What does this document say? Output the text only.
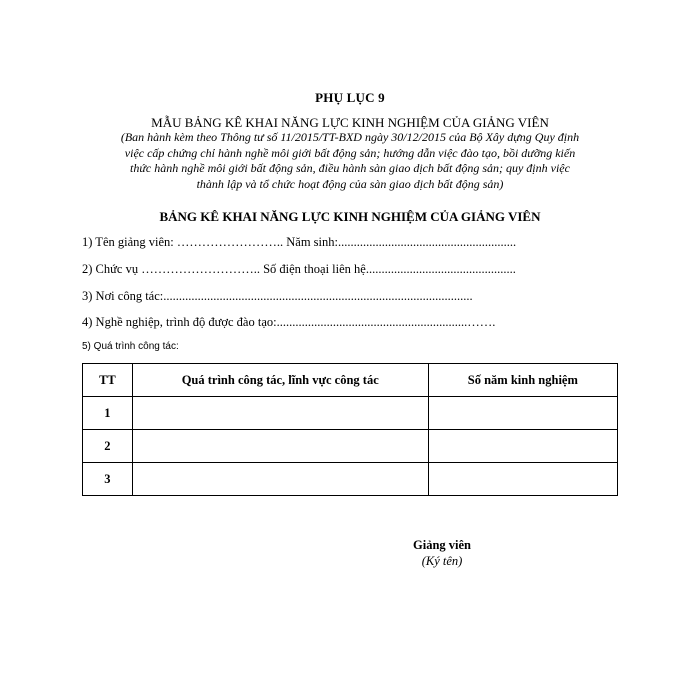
PHỤ LỤC 9
MẪU BẢNG KÊ KHAI NĂNG LỰC KINH NGHIỆM CỦA GIẢNG VIÊN
(Ban hành kèm theo Thông tư số 11/2015/TT-BXD ngày 30/12/2015 của Bộ Xây dựng Quy định
việc cấp chứng chỉ hành nghề môi giới bất động sản; hướng dẫn việc đào tạo, bồi dưỡng kiến
thức hành nghề môi giới bất động sản, điều hành sàn giao dịch bất động sản; quy định việc
thành lập và tổ chức hoạt động của sàn giao dịch bất động sản)
BẢNG KÊ KHAI NĂNG LỰC KINH NGHIỆM CỦA GIẢNG VIÊN
1) Tên giảng viên: …………………….. Năm sinh:.........................................................
2) Chức vụ ……………………….. Số điện thoại liên hệ................................................
3) Nơi công tác:...................................................................................................
4) Nghề nghiệp, trình độ được đào tạo:.............................................................…….
5) Quá trình công tác:
TT	Quá trình công tác, lĩnh vực công tác	Số năm kinh nghiệm
1		
2		
3		
Giảng viên
(Ký tên)
